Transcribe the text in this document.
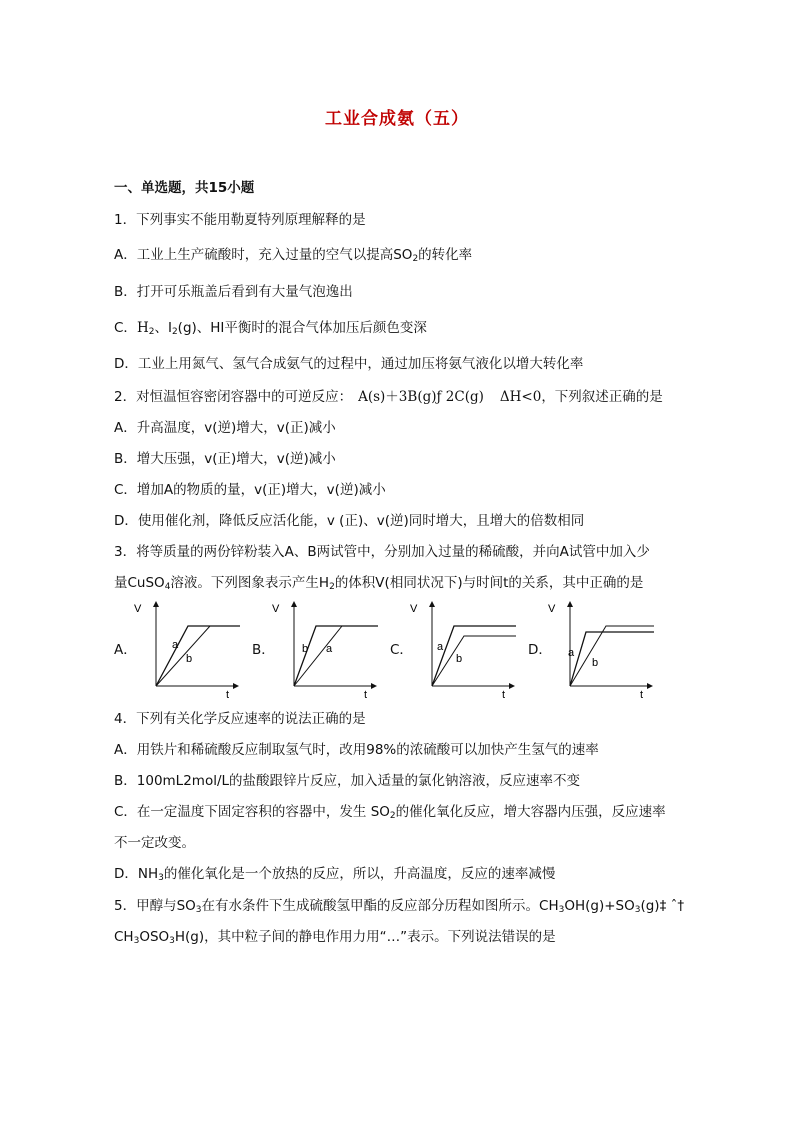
工业合成氨（五）
一、单选题，共15小题
1．下列事实不能用勒夏特列原理解释的是
A．工业上生产硫酸时，充入过量的空气以提高$SO_2$的转化率
B．打开可乐瓶盖后看到有大量气泡逸出
C．$H_2$、$I_2(g)$、HI平衡时的混合气体加压后颜色变深
D．工业上用氮气、氢气合成氨气的过程中，通过加压将氨气液化以增大转化率
2．对恒温恒容密闭容器中的可逆反应： A(s)＋3B(g)ƒ 2C(g) ΔH<0，下列叙述正确的是
A．升高温度，v(逆)增大，v(正)减小
B．增大压强，v(正)增大，v(逆)减小
C．增加A的物质的量，v(正)增大，v(逆)减小
D．使用催化剂，降低反应活化能，v (正)、v(逆)同时增大，且增大的倍数相同
3．将等质量的两份锌粉装入A、B两试管中，分别加入过量的稀硫酸，并向A试管中加入少
量CuSO$_4$溶液。下列图象表示产生$H_2$的体积V(相同状况下)与时间t的关系，其中正确的是
A．	B．	C．	D．
V
t
a
b
V
t
b a
V
t
a
b
V
t
a
b
4．下列有关化学反应速率的说法正确的是
A．用铁片和稀硫酸反应制取氢气时，改用98%的浓硫酸可以加快产生氢气的速率
B．100mL2mol/L的盐酸跟锌片反应，加入适量的氯化钠溶液，反应速率不变
C．在一定温度下固定容积的容器中，发生 $SO_2$的催化氧化反应，增大容器内压强，反应速率
不一定改变。
D．$NH_3$的催化氧化是一个放热的反应，所以，升高温度，反应的速率减慢
5．甲醇与$SO_3$在有水条件下生成硫酸氢甲酯的反应部分历程如图所示。$CH_3OH(g)+SO_3(g)\ddagger$ ˆ†
$CH_3OSO_3H(g)$，其中粒子间的静电作用力用“…”表示。下列说法错误的是
